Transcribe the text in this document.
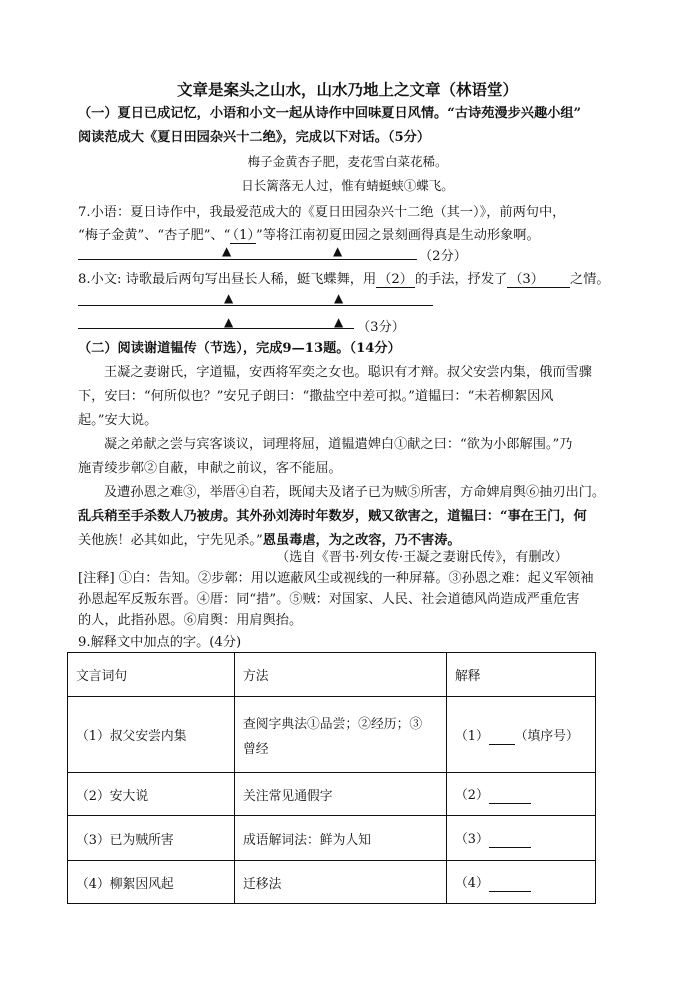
文章是案头之山水，山水乃地上之文章（林语堂）
（一）夏日已成记忆，小语和小文一起从诗作中回味夏日风情。“古诗苑漫步兴趣小组”
阅读范成大《夏日田园杂兴十二绝》，完成以下对话。（5分）
梅子金黄杏子肥，麦花雪白菜花稀。
日长篱落无人过，惟有蜻蜓蛱①蝶飞。
7.小语：夏日诗作中，我最爱范成大的《夏日田园杂兴十二绝（其一）》，前两句中，
“梅子金黄”、“杏子肥”、“ （1） ”等将江南初夏田园之景刻画得真是生动形象啊。
▲	▲	（2分）
8.小文: 诗歌最后两句写出昼长人稀，蜓飞蝶舞，用 （2） 的手法，抒发了 （3） 之情。
▲	▲
▲	▲ （3分）
（二）阅读谢道韫传（节选），完成9—13题。（14分）
王凝之妻谢氏，字道韫，安西将军奕之女也。聪识有才辩。叔父安尝内集，俄而雪骤
下，安曰：“何所似也？”安兄子朗曰：“撒盐空中差可拟。”道韫曰：“未若柳絮因风
起。”安大说。
凝之弟献之尝与宾客谈议，词理将屈，道韫遣婢白①献之曰：“欲为小郎解围。”乃
施青绫步鄣②自蔽，申献之前议，客不能屈。
及遭孙恩之难③，举厝④自若，既闻夫及诸子已为贼⑤所害，方命婢肩舆⑥抽刃出门。
乱兵稍至手杀数人乃被虏。其外孙刘涛时年数岁，贼又欲害之，道韫曰：“事在王门，何
关他族！必其如此，宁先见杀。”恩虽毒虐，为之改容，乃不害涛。
（选自《晋书·列女传·王凝之妻谢氏传》，有删改）
[注释] ①白：告知。②步鄣：用以遮蔽风尘或视线的一种屏幕。③孙恩之难：起义军领袖
孙恩起军反叛东晋。④厝：同“措”。⑤贼：对国家、人民、社会道德风尚造成严重危害
的人，此指孙恩。⑥肩舆：用肩舆抬。
文言词句	方法	解释
（1）叔父安尝内集	查阅字典法①品尝；②经历；③
曾经	（1） （填序号）
（2）安大说	关注常见通假字	（2）
（3）已为贼所害	成语解词法：鲜为人知	（3）
（4）柳絮因风起	迁移法	（4）
9.解释文中加点的字。(4分)
